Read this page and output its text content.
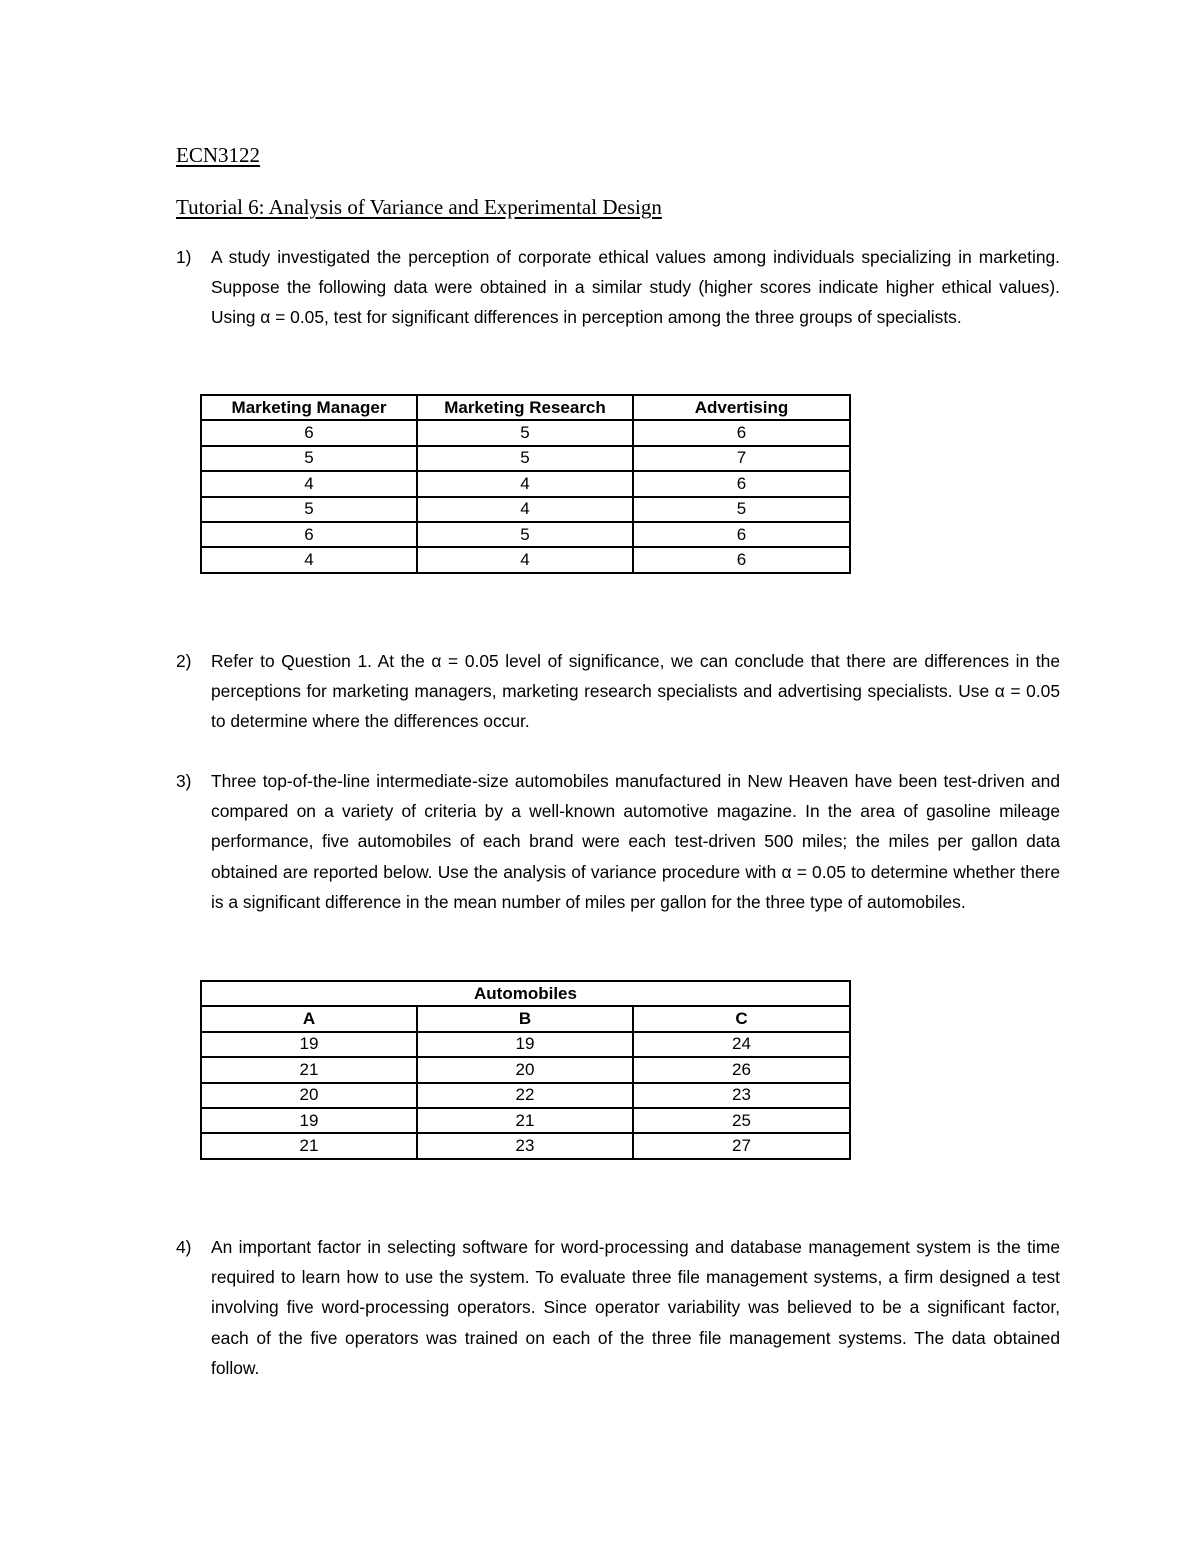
ECN3122
Tutorial 6: Analysis of Variance and Experimental Design
1)	A study investigated the perception of corporate ethical values among individuals specializing in marketing. Suppose the following data were obtained in a similar study (higher scores indicate higher ethical values). Using α = 0.05, test for significant differences in perception among the three groups of specialists.
Marketing Manager	Marketing Research	Advertising
6	5	6
5	5	7
4	4	6
5	4	5
6	5	6
4	4	6
2)	Refer to Question 1. At the α = 0.05 level of significance, we can conclude that there are differences in the perceptions for marketing managers, marketing research specialists and advertising specialists. Use α = 0.05 to determine where the differences occur.
3)	Three top-of-the-line intermediate-size automobiles manufactured in New Heaven have been test-driven and compared on a variety of criteria by a well-known automotive magazine. In the area of gasoline mileage performance, five automobiles of each brand were each test-driven 500 miles; the miles per gallon data obtained are reported below. Use the analysis of variance procedure with α = 0.05 to determine whether there is a significant difference in the mean number of miles per gallon for the three type of automobiles.
Automobiles		
A	B	C
19	19	24
21	20	26
20	22	23
19	21	25
21	23	27
4)	An important factor in selecting software for word-processing and database management system is the time required to learn how to use the system. To evaluate three file management systems, a firm designed a test involving five word-processing operators. Since operator variability was believed to be a significant factor, each of the five operators was trained on each of the three file management systems. The data obtained follow.
